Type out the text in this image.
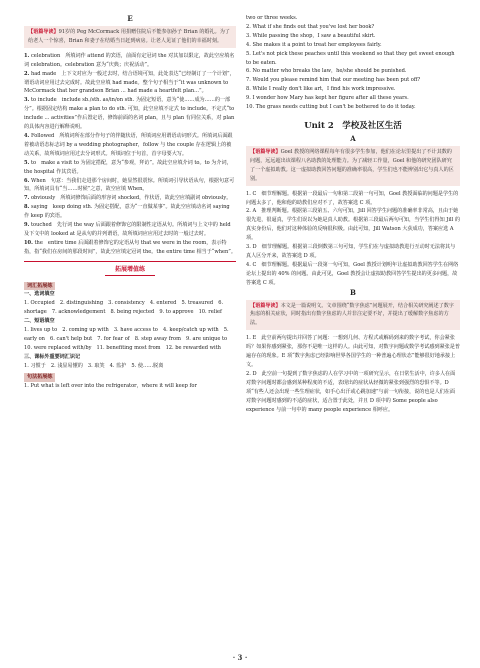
E
【语篇导读】91岁的 Peg McCormack 用捐赠住院后不能参加孙子 Brian 的婚礼。为了给老人一个惊喜，Brian 和妻子在结婚当日赶到病房。让老人见证了他们的幸福时刻。

1. celebration　所填词作 attend 的宾语，前面有定冠词 the 对其加以限定，故此空应填名词 celebration。celebration 意为“庆典；庆祝活动”。

2. had made　上下文对应为一般过去时，结合语境可知，此处表达“已经制订了一个计划”，谓语动词应用过去完成时。故此空应填 had made。整个句子相当于“it was unknown to McCormack that her grandson Brian ... had made a heartfelt plan...”。

3. to include　include sb./sth. as/in/on sth. 为固定短语，意为“使……成为……的一部分”。根据固定结构 make a plan to do sth. 可知，此空应填不定式 to include。不定式“to include ... activities”作后置定语，修饰前面的名词 plan，且与 plan 有同位关系，对 plan 的具体内容进行解释说明。

4. Followed　所填词所在部分作句子的伴随状语，所填词应用谓语动词形式。所填词后面跟着被动语态标志词 by a wedding photographer，follow 与 the couple 存在逻辑上的被动关系，故所填词应用过去分词形式。所填词位于句首，首字母要大写。

5. to　make a visit to 为固定搭配，意为“参观，拜访”。故此空应填介词 to。to 为介词，the hospital 作其宾语。

6. When　句意：当我们走进那个房间时，她显然很震惊。所填词引导状语从句，根据句意可知，所填词具有“当……时候”之意，故空应填 When。

7. obviously　所填词修饰后面的形容词 shocked，作状语，故此空应填副词 obviously。

8. saying　keep doing sth. 为固定搭配，意为“一直做某事”。故此空应填动名词 saying 作 keep 的宾语。

9. touched　先行词 the way 后面跟着修饰它的限制性定语从句。所填词与上文中的 held 及下文中的 looked at 是从句的并列谓语，故所填词应应用过去时的一般过去时。

10. the　entire time 后面跟着修饰它的定语从句 that we were in the room，表示特指，指“我们在房间的那段时间”，故此空应填定冠词 the。the entire time 相当于“when”。

拓展增值练
词汇拓展练
一、选词填空

1. Occupied　2. distinguishing　3. consistency　4. entered　5. treasured　6. shortage　7. acknowledgement　8. being rejected　9. to approve　10. relief

二、短语填空

1. lives up to　2. coming up with　3. have access to　4. keep/catch up with　5. early on　6. can't help but　7. for fear of　8. step away from　9. are unique to　10. were replaced with/by　11. benefiting most from　12. be rewarded with

三、课标外重要词汇识记

1. 习惯于　2. 浅显易懂的　3. 取笑　4. 监护　5. 使……脱离

句法拓展练

1. Put what is left over into the refrigerator，where it will keep for

two or three weeks.

2. What if she finds out that you've lost her book?

3. While passing the shop，I saw a beautiful skirt.

4. She makes it a point to treat her employees fairly.

5. Let's not pick these peaches until this weekend so that they get sweet enough to be eaten.

6. No matter who breaks the law，he/she should be punished.

7. Would you please remind him that our meeting has been put off?

8. While I really don't like art，I find his work impressive.

9. I wonder how Mary has kept her figure after all these years.

10. The grass needs cutting but I can't be bothered to do it today.

Unit 2　学校及社区生活
A
【语篇导读】Goel 教授的网络课程每年有很多学生参加，他们在论坛里提出了不计其数的问题，远远超出该课程八名助教的处理能力。为了减轻工作量，Goel 和他的研究团队研究了一个虚拟助教。这一虚拟助教回答问题的准确率很高，学生们也不能辨别出它与真人的区别。

1. C　细节理解题。根据第一段最后一句和第二段第一句可知，Goel 教授面临的问题是学生的问题太多了，他和他的助教们应对不了，故答案选 C 项。

2. A　推理判断题。根据第三段第五、六句可知，Jill 回答学生问题的准确率非常高，且由于她很先进，很逼真，学生们误以为她是真人助教。根据第三段最后两句可知，当学生们得知 Jill 的真实身份后，他们对这种体验的反响很积极。由此可知，Jill Watson 大获成功，答案应选 A 项。

3. D　细节理解题。根据第三段倒数第三句可知，学生们在与虚拟助教进行互动时无法将其与真人区分开来，故答案选 D 项。

4. C　细节理解题。根据最后一段第一句可知，Goel 教授计划明年让虚拟助教回答学生在网络论坛上提出的 40% 的问题。由此可见，Goel 教授会让虚拟助教回答学生提出的更多问题，故答案选 C 项。

B
【语篇导读】本文是一篇说明文。文章围绕“数字焦虑”问题展开，结合相关研究阐述了数字焦虑的相关症状，同时指出有数字焦虑的人并非注定要不好，并提出了缓解数字焦虑的方法。

1. E　此空前两句提出并回答了问题：一想到几何、方程式或解码到来的数字考试，你会紧张吗？如果你感到紧张，那你不是唯一这样的人。由此可知，对数字问题或数学考试感到紧张是普遍存在的现象。E 项“数字焦虑已经影响世界各国学生的一种普遍心理状态”能够很好地承接上文。

2. D　此空前一句提到了数字焦虑的人在学习中的一项研究呈示，在日常生活中，许多人在面对数字问题时都会感到某种程度的不适，表现出的症状从轻微的紧张到强烈的恐惧不等。D 项“有些人还会出现一些生理症状，如手心出汗或心跳加速”与前一句衔接，说的也是人们在面对数字问题时感到的不适的症状，适合置于此处，并且 D 项中的 Some people also experience 与前一句中的 many people experience 相呼应。

· 3 ·
